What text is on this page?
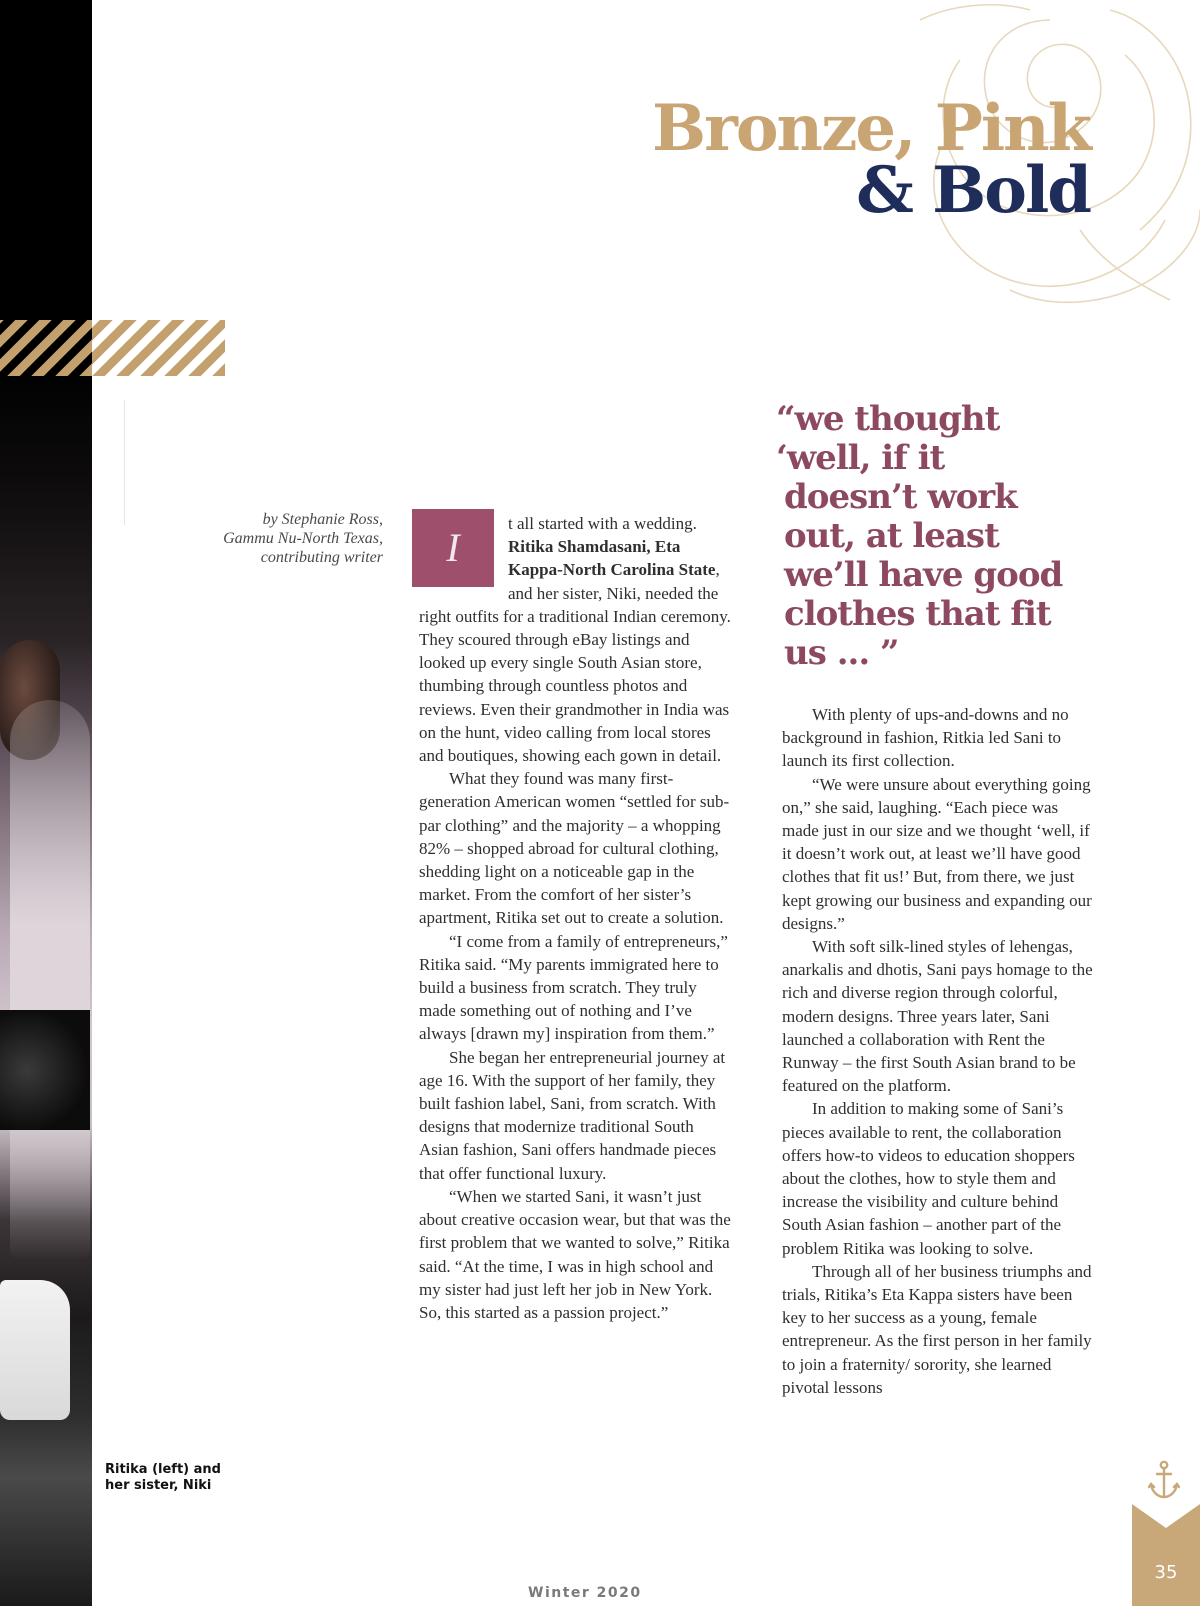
Bronze, Pink
& Bold
by Stephanie Ross,
Gammu Nu-North Texas,
contributing writer	I
t all started with a wedding. Ritika Shamdasani, Eta Kappa-North Carolina State, and her sister, Niki, needed the right outfits for a traditional Indian ceremony. They scoured through eBay listings and looked up every single South Asian store, thumbing through countless photos and reviews. Even their grandmother in India was on the hunt, video calling from local stores and boutiques, showing each gown in detail.

What they found was many first-generation American women “settled for sub-par clothing” and the majority – a whopping 82% – shopped abroad for cultural clothing, shedding light on a noticeable gap in the market. From the comfort of her sister’s apartment, Ritika set out to create a solution.

“I come from a family of entrepreneurs,” Ritika said. “My parents immigrated here to build a business from scratch. They truly made something out of nothing and I’ve always [drawn my] inspiration from them.”

She began her entrepreneurial journey at age 16. With the support of her family, they built fashion label, Sani, from scratch. With designs that modernize traditional South Asian fashion, Sani offers handmade pieces that offer functional luxury.

“When we started Sani, it wasn’t just about creative occasion wear, but that was the first problem that we wanted to solve,” Ritika said. “At the time, I was in high school and my sister had just left her job in New York. So, this started as a passion project.”

“we thought
‘well, if it
doesn’t work
out, at least
we’ll have good
clothes that fit
us ... ”

With plenty of ups-and-downs and no background in fashion, Ritkia led Sani to launch its first collection.

“We were unsure about everything going on,” she said, laughing. “Each piece was made just in our size and we thought ‘well, if it doesn’t work out, at least we’ll have good clothes that fit us!’ But, from there, we just kept growing our business and expanding our designs.”

With soft silk-lined styles of lehengas, anarkalis and dhotis, Sani pays homage to the rich and diverse region through colorful, modern designs. Three years later, Sani launched a collaboration with Rent the Runway – the first South Asian brand to be featured on the platform.

In addition to making some of Sani’s pieces available to rent, the collaboration offers how-to videos to education shoppers about the clothes, how to style them and increase the visibility and culture behind South Asian fashion – another part of the problem Ritika was looking to solve.

Through all of her business triumphs and trials, Ritika’s Eta Kappa sisters have been key to her success as a young, female entrepreneur. As the first person in her family to join a fraternity/ sorority, she learned pivotal lessons

Ritika (left) and
her sister, Niki
Winter 2020
35
